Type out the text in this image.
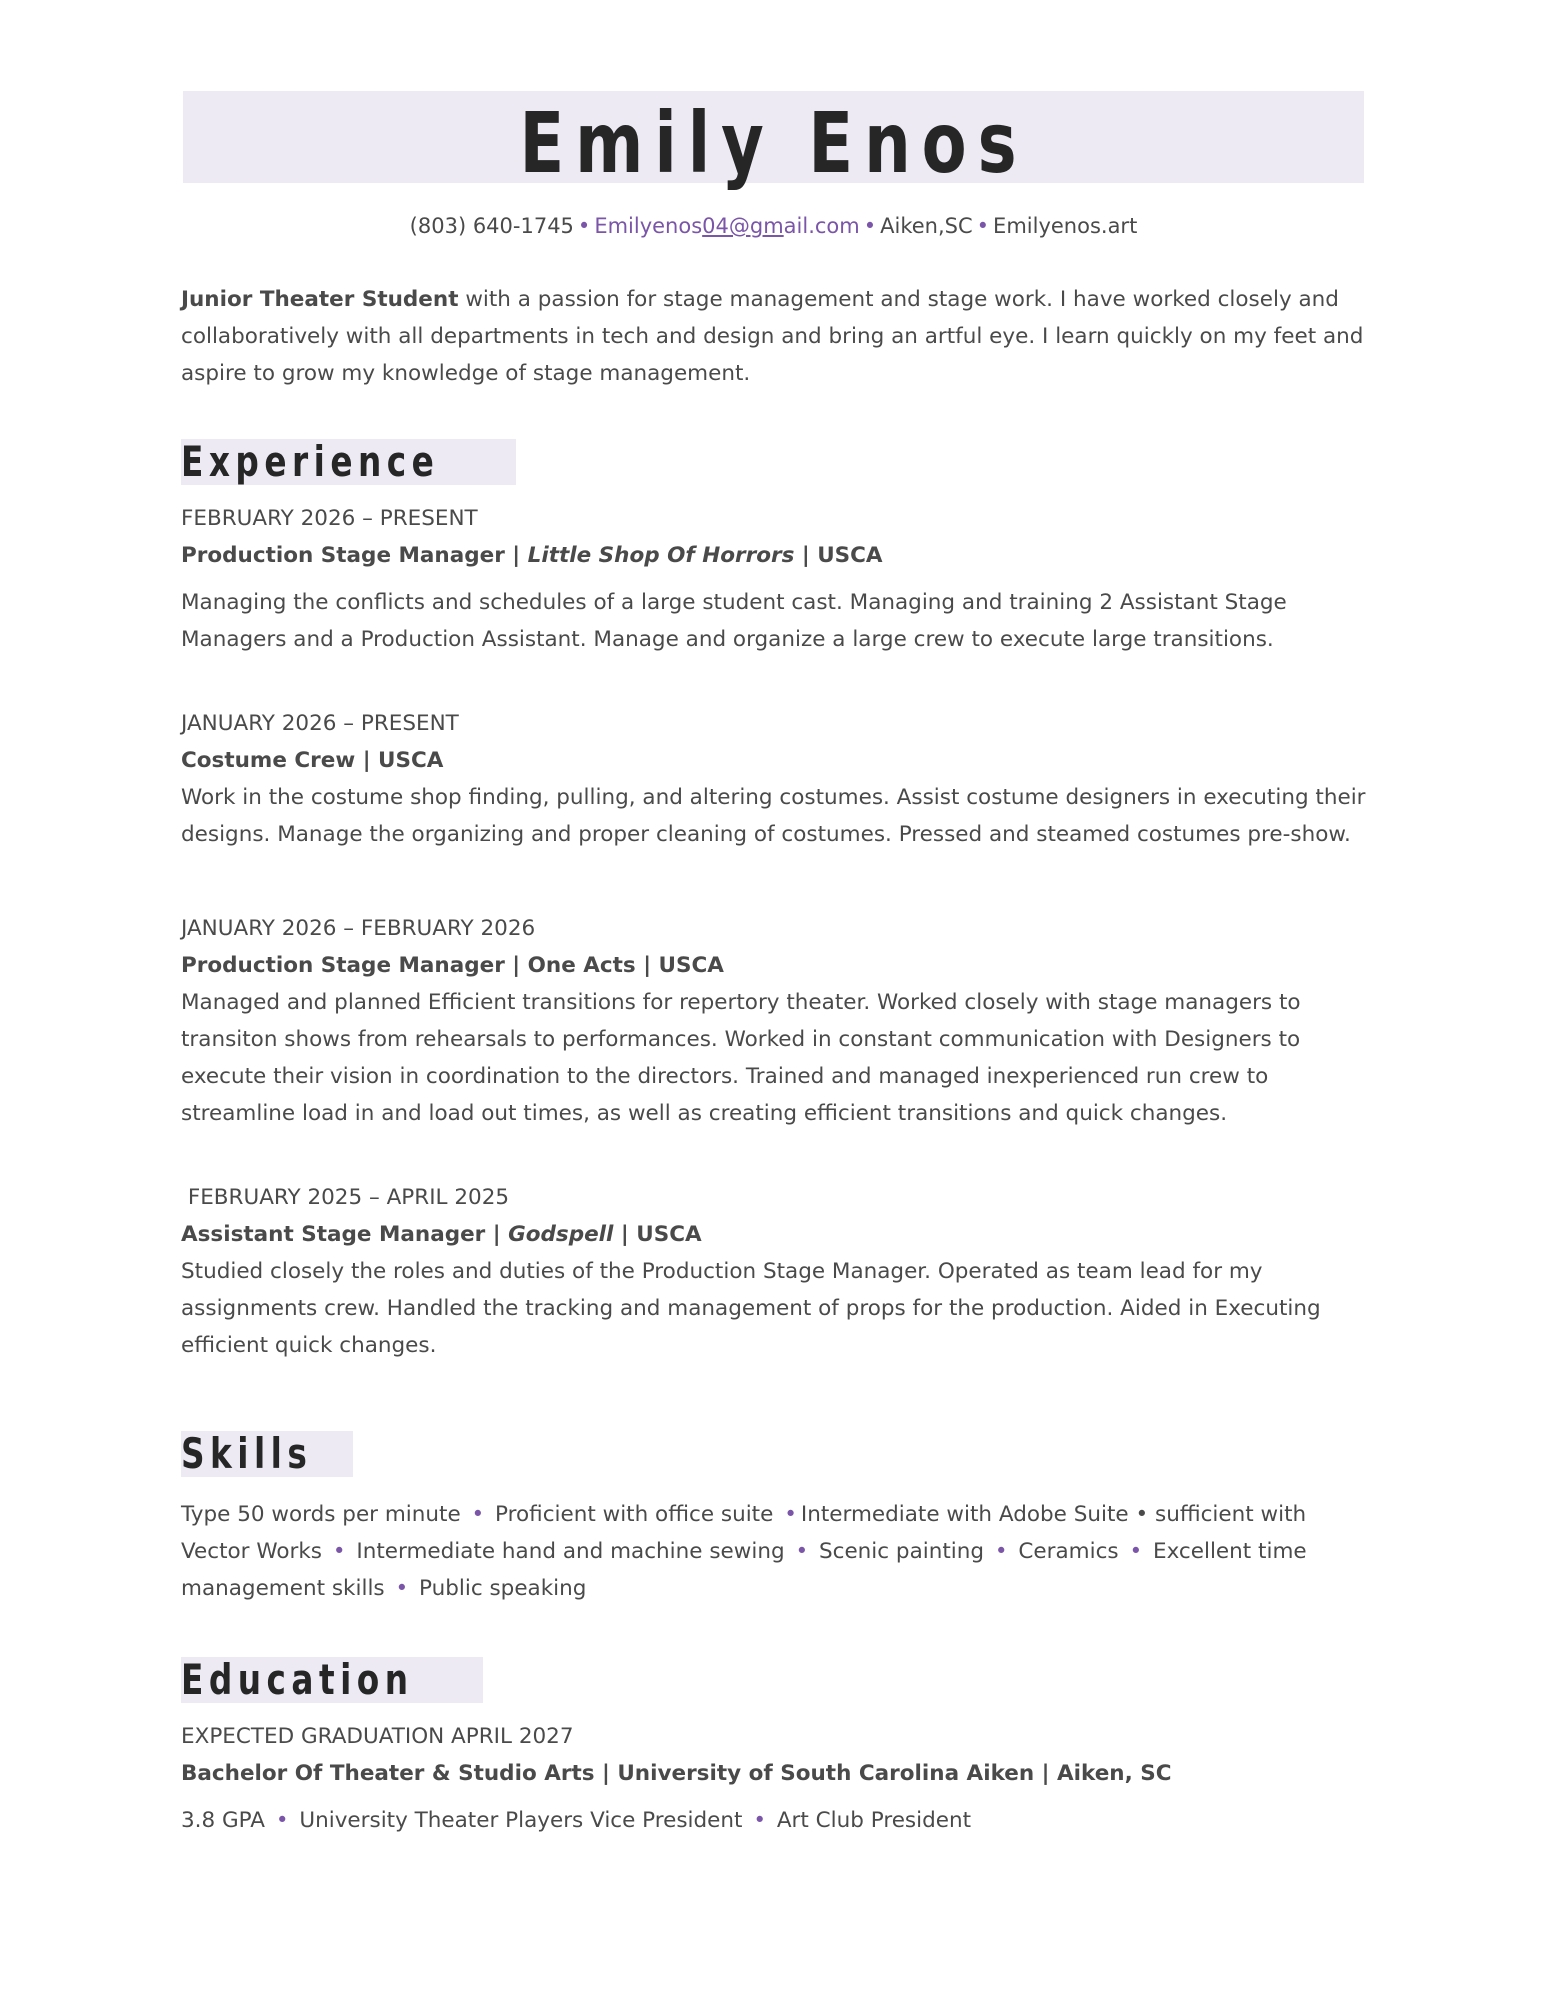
Emily Enos
(803) 640-1745 • Emilyenos04@gmail.com • Aiken,SC • Emilyenos.art
Junior Theater Student with a passion for stage management and stage work. I have worked closely and collaboratively with all departments in tech and design and bring an artful eye. I learn quickly on my feet and aspire to grow my knowledge of stage management.
Experience
FEBRUARY 2026 – PRESENT
Production Stage Manager | Little Shop Of Horrors | USCA
Managing the conflicts and schedules of a large student cast. Managing and training 2 Assistant Stage Managers and a Production Assistant. Manage and organize a large crew to execute large transitions.
JANUARY 2026 – PRESENT
Costume Crew | USCA
Work in the costume shop finding, pulling, and altering costumes. Assist costume designers in executing their designs. Manage the organizing and proper cleaning of costumes. Pressed and steamed costumes pre-show.
JANUARY 2026 – FEBRUARY 2026
Production Stage Manager | One Acts | USCA
Managed and planned Efficient transitions for repertory theater. Worked closely with stage managers to transiton shows from rehearsals to performances. Worked in constant communication with Designers to execute their vision in coordination to the directors. Trained and managed inexperienced run crew to streamline load in and load out times, as well as creating efficient transitions and quick changes.
FEBRUARY 2025 – APRIL 2025
Assistant Stage Manager | Godspell | USCA
Studied closely the roles and duties of the Production Stage Manager. Operated as team lead for my assignments crew. Handled the tracking and management of props for the production. Aided in Executing efficient quick changes.
Skills
Type 50 words per minute • Proficient with office suite • Intermediate with Adobe Suite • sufficient with Vector Works • Intermediate hand and machine sewing • Scenic painting • Ceramics • Excellent time management skills • Public speaking
Education
EXPECTED GRADUATION APRIL 2027
Bachelor Of Theater & Studio Arts | University of South Carolina Aiken | Aiken, SC
3.8 GPA • University Theater Players Vice President • Art Club President
